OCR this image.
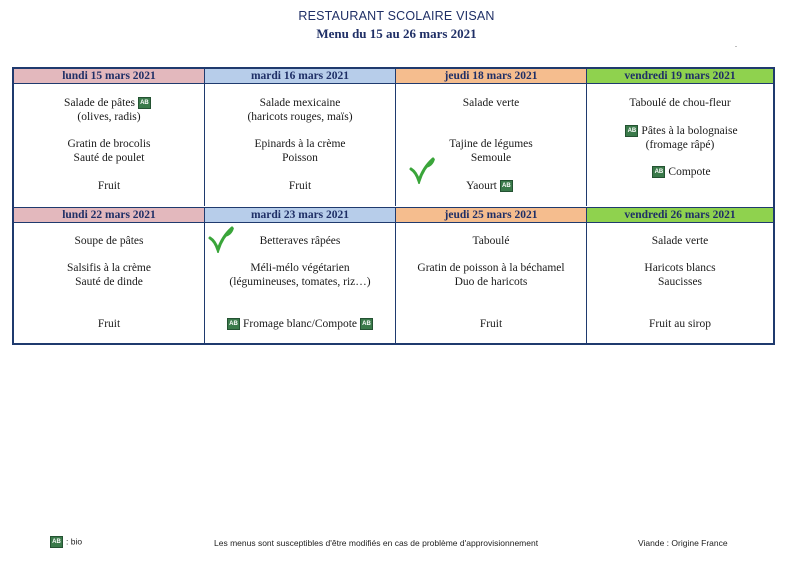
RESTAURANT SCOLAIRE VISAN
Menu du 15 au 26 mars 2021
.
lundi 15 mars 2021
Salade de pâtes AB
(olives, radis)
Gratin de brocolis
Sauté de poulet
Fruit
mardi 16 mars 2021
Salade mexicaine
(haricots rouges, maïs)
Epinards à la crème
Poisson
Fruit
jeudi 18 mars 2021
Salade verte
Tajine de légumes
Semoule
Yaourt AB
vendredi 19 mars 2021
Taboulé de chou-fleur
AB Pâtes à la bolognaise
(fromage râpé)
AB Compote
lundi 22 mars 2021
Soupe de pâtes
Salsifis à la crème
Sauté de dinde
Fruit
mardi 23 mars 2021
Betteraves râpées
Méli-mélo végétarien
(légumineuses, tomates, riz…)
AB Fromage blanc/Compote AB
jeudi 25 mars 2021
Taboulé
Gratin de poisson à la béchamel
Duo de haricots
Fruit
vendredi 26 mars 2021
Salade verte
Haricots blancs
Saucisses
Fruit au sirop
AB : bio	Les menus sont susceptibles d'être modifiés en cas de problème d'approvisionnement	Viande : Origine France
